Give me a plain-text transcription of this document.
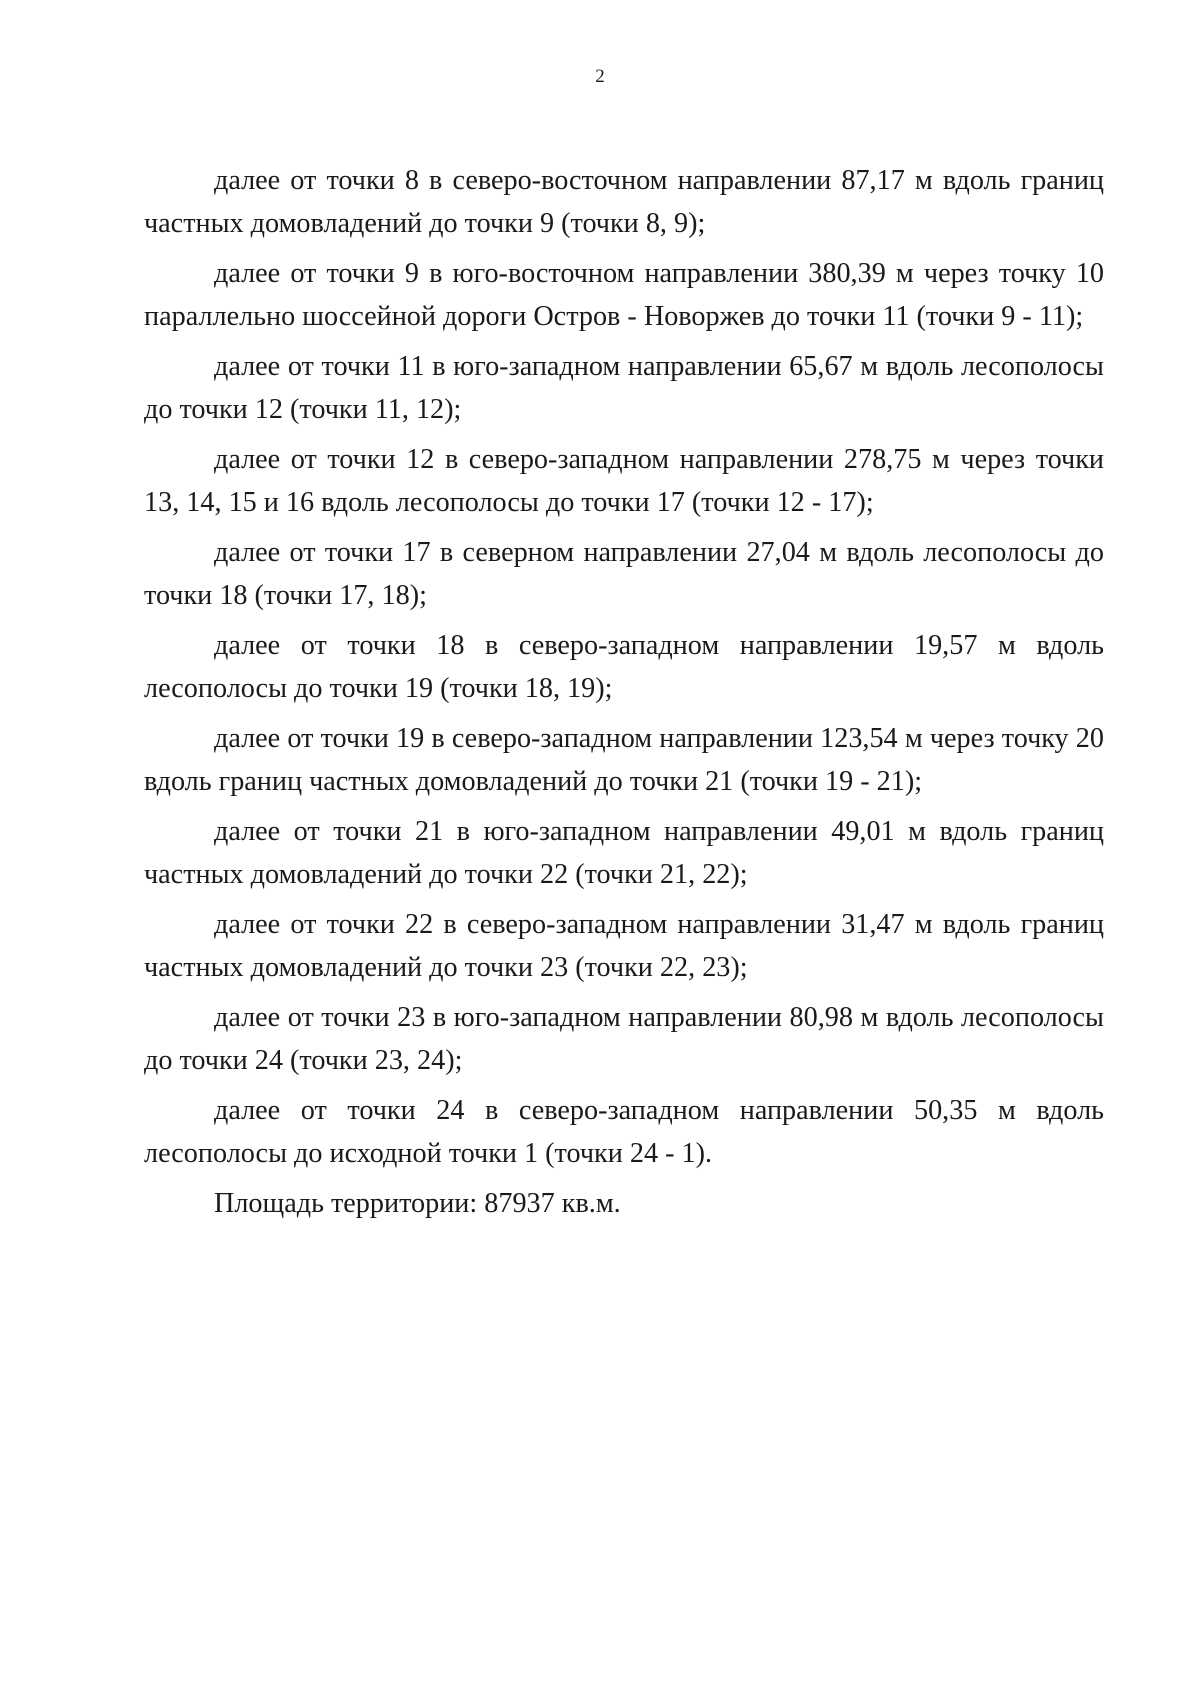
2

далее от точки 8 в северо-восточном направлении 87,17 м вдоль границ частных домовладений до точки 9 (точки 8, 9);

далее от точки 9 в юго-восточном направлении 380,39 м через точку 10 параллельно шоссейной дороги Остров - Новоржев до точки 11 (точки 9 - 11);

далее от точки 11 в юго-западном направлении 65,67 м вдоль лесополосы до точки 12 (точки 11, 12);

далее от точки 12 в северо-западном направлении 278,75 м через точки 13, 14, 15 и 16 вдоль лесополосы до точки 17 (точки 12 - 17);

далее от точки 17 в северном направлении 27,04 м вдоль лесополосы до точки 18 (точки 17, 18);

далее от точки 18 в северо-западном направлении 19,57 м вдоль лесополосы до точки 19 (точки 18, 19);

далее от точки 19 в северо-западном направлении 123,54 м через точку 20 вдоль границ частных домовладений до точки 21 (точки 19 - 21);

далее от точки 21 в юго-западном направлении 49,01 м вдоль границ частных домовладений до точки 22 (точки 21, 22);

далее от точки 22 в северо-западном направлении 31,47 м вдоль границ частных домовладений до точки 23 (точки 22, 23);

далее от точки 23 в юго-западном направлении 80,98 м вдоль лесополосы до точки 24 (точки 23, 24);

далее от точки 24 в северо-западном направлении 50,35 м вдоль лесополосы до исходной точки 1 (точки 24 - 1).

Площадь территории: 87937 кв.м.
